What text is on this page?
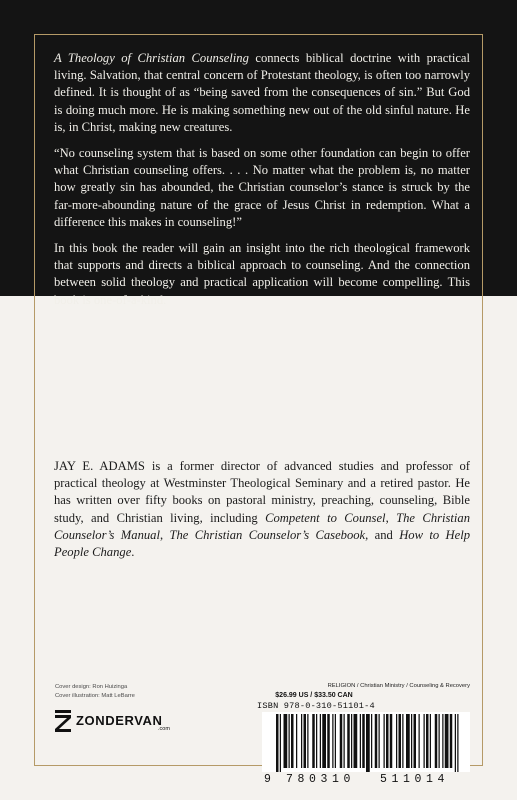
A Theology of Christian Counseling connects biblical doctrine with practical living. Salvation, that central concern of Protestant theology, is often too narrowly defined. It is thought of as “being saved from the consequences of sin.” But God is doing much more. He is making something new out of the old sinful nature. He is, in Christ, making new creatures.

“No counseling system that is based on some other foundation can begin to offer what Christian counseling offers. . . . No matter what the problem is, no matter how greatly sin has abounded, the Christian counselor’s stance is struck by the far-more-abounding nature of the grace of Jesus Christ in redemption. What a difference this makes in counseling!”

In this book the reader will gain an insight into the rich theological framework that supports and directs a biblical approach to counseling. And the connection between solid theology and practical application will become compelling. This book is one-of-a-kind.

JAY E. ADAMS is a former director of advanced studies and professor of practical theology at Westminster Theological Seminary and a retired pastor. He has written over fifty books on pastoral ministry, preaching, counseling, Bible study, and Christian living, including Competent to Counsel, The Christian Counselor’s Manual, The Christian Counselor’s Casebook, and How to Help People Change.

Cover design: Ron Huizinga
Cover illustration: Matt LeBarre
ZONDERVAN
.com
RELIGION / Christian Ministry / Counseling & Recovery
$26.99 US / $33.50 CAN
ISBN 978-0-310-51101-4
9 780310 511014
